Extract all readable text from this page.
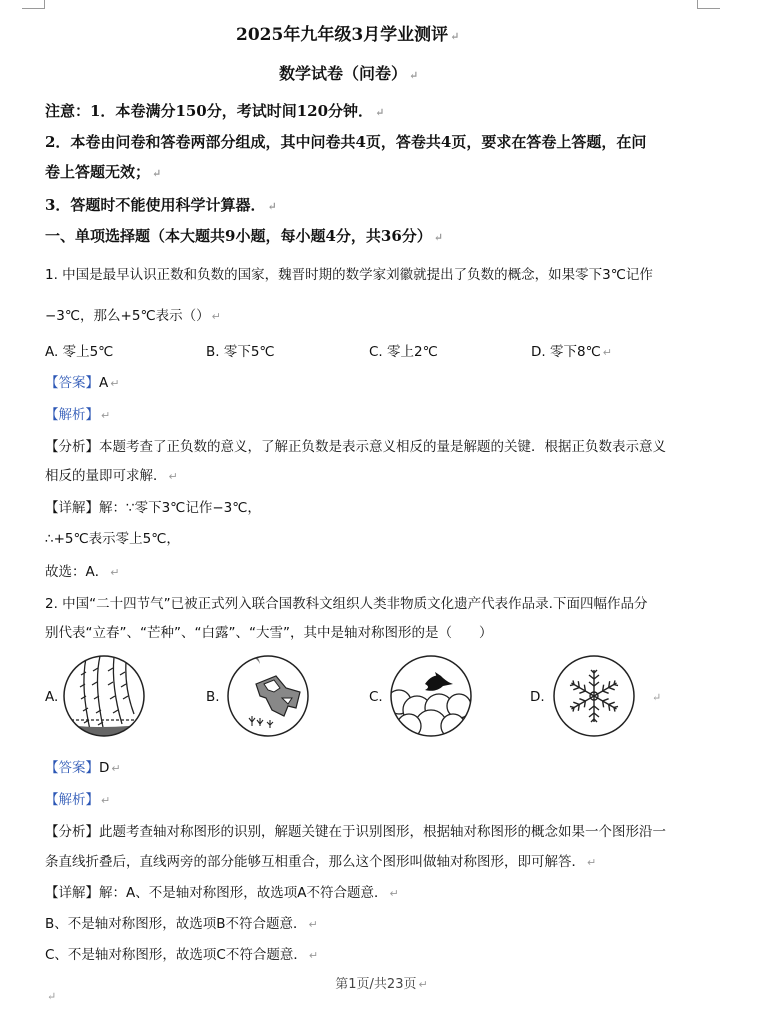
2025年九年级3月学业测评 ↵
数学试卷（问卷） ↵
注意：1．本卷满分150分，考试时间120分钟． ↵
2．本卷由问卷和答卷两部分组成，其中问卷共4页，答卷共4页，要求在答卷上答题，在问
卷上答题无效； ↵
3．答题时不能使用科学计算器． ↵
一、单项选择题（本大题共9小题，每小题4分，共36分） ↵
1. 中国是最早认识正数和负数的国家，魏晋时期的数学家刘徽就提出了负数的概念，如果零下3℃记作
−3℃，那么+5℃表示（） ↵
A. 零上5℃	B. 零下5℃	C. 零上2℃	D. 零下8℃ ↵
【答案】A ↵
【解析】 ↵
【分析】本题考查了正负数的意义，了解正负数是表示意义相反的量是解题的关键．根据正负数表示意义
相反的量即可求解． ↵
【详解】解：∵零下3℃记作−3℃，
∴+5℃表示零上5℃，
故选：A． ↵
2. 中国“二十四节气”已被正式列入联合国教科文组织人类非物质文化遗产代表作品录.下面四幅作品分
别代表“立春”、“芒种”、“白露”、“大雪”，其中是轴对称图形的是（　　）
A.	B.	C.	D.	↵
【答案】D ↵
【解析】 ↵
【分析】此题考查轴对称图形的识别，解题关键在于识别图形，根据轴对称图形的概念如果一个图形沿一
条直线折叠后，直线两旁的部分能够互相重合，那么这个图形叫做轴对称图形，即可解答． ↵
【详解】解：A、不是轴对称图形，故选项A不符合题意． ↵
B、不是轴对称图形，故选项B不符合题意． ↵
C、不是轴对称图形，故选项C不符合题意． ↵
第1页/共23页 ↵
↵
